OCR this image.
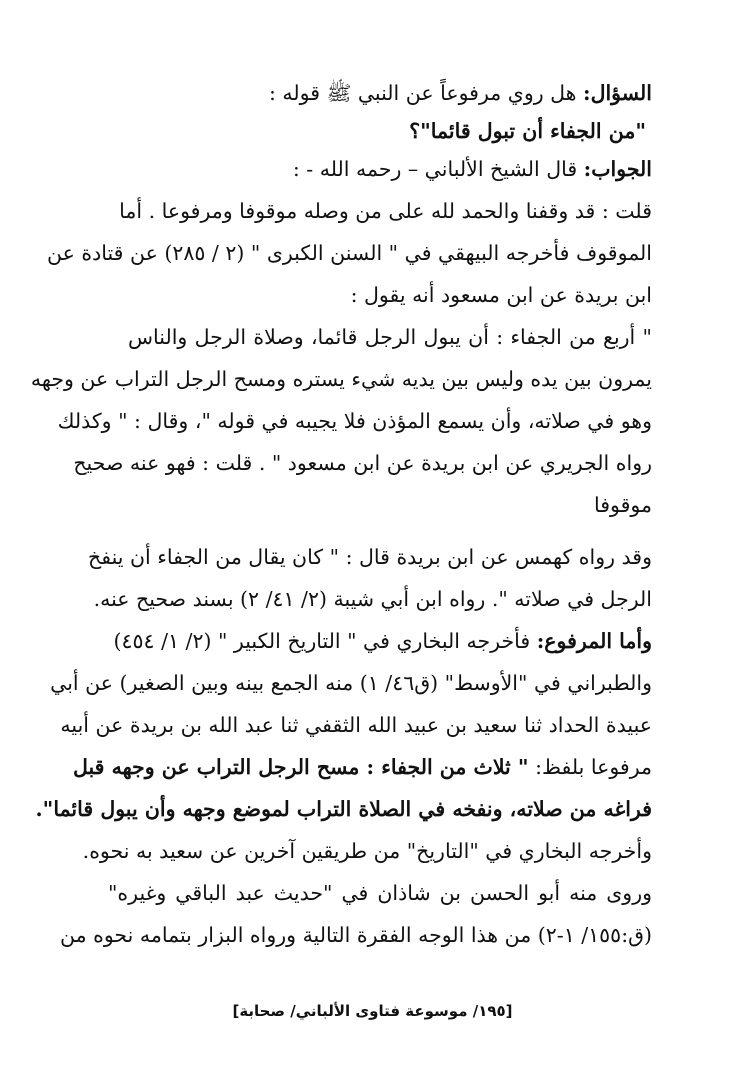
السؤال: هل روي مرفوعاً عن النبي ﷺ قوله :
"من الجفاء أن تبول قائما"؟
الجواب: قال الشيخ الألباني – رحمه الله - :
قلت : قد وقفنا والحمد لله على من وصله موقوفا ومرفوعا . أما
الموقوف فأخرجه البيهقي في " السنن الكبرى " (٢ / ٢٨٥) عن قتادة عن
ابن بريدة عن ابن مسعود أنه يقول :
" أربع من الجفاء : أن يبول الرجل قائما، وصلاة الرجل والناس
يمرون بين يده وليس بين يديه شيء يستره ومسح الرجل التراب عن وجهه
وهو في صلاته، وأن يسمع المؤذن فلا يجيبه في قوله "، وقال : " وكذلك
رواه الجريري عن ابن بريدة عن ابن مسعود " . قلت : فهو عنه صحيح
موقوفا
وقد رواه كهمس عن ابن بريدة قال : " كان يقال من الجفاء أن ينفخ
الرجل في صلاته ". رواه ابن أبي شيبة (٢/ ٤١/ ٢) بسند صحيح عنه.
وأما المرفوع: فأخرجه البخاري في " التاريخ الكبير " (٢/ ١/ ٤٥٤)
والطبراني في "الأوسط" (ق٤٦/ ١) منه الجمع بينه وبين الصغير) عن أبي
عبيدة الحداد ثنا سعيد بن عبيد الله الثقفي ثنا عبد الله بن بريدة عن أبيه
مرفوعا بلفظ: " ثلاث من الجفاء : مسح الرجل التراب عن وجهه قبل
فراغه من صلاته، ونفخه في الصلاة التراب لموضع وجهه وأن يبول قائما".
وأخرجه البخاري في "التاريخ" من طريقين آخرين عن سعيد به نحوه.
وروى منه أبو الحسن بن شاذان في "حديث عبد الباقي وغيره"
(ق:١٥٥/ ١-٢) من هذا الوجه الفقرة التالية ورواه البزار بتمامه نحوه من
[١٩٥/ موسوعة فتاوى الألباني/ صحابة]
